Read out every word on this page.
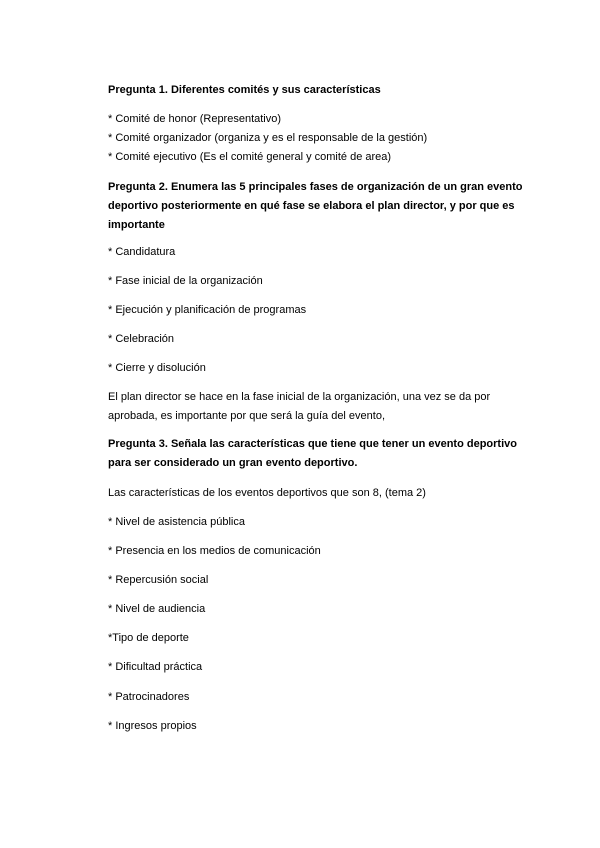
Pregunta 1. Diferentes comités y sus características
* Comité de honor (Representativo)
* Comité organizador (organiza y es el responsable de la gestión)
* Comité ejecutivo (Es el comité general y comité de area)
Pregunta 2. Enumera las 5 principales fases de organización de un gran evento
deportivo posteriormente en qué fase se elabora el plan director, y por que es
importante
* Candidatura
* Fase inicial de la organización
* Ejecución y planificación de programas
* Celebración
* Cierre y disolución
El plan director se hace en la fase inicial de la organización, una vez se da por
aprobada, es importante por que será la guía del evento,
Pregunta 3. Señala las características que tiene que tener un evento deportivo
para ser considerado un gran evento deportivo.
Las características de los eventos deportivos que son 8, (tema 2)
* Nivel de asistencia pública
* Presencia en los medios de comunicación
* Repercusión social
* Nivel de audiencia
*Tipo de deporte
* Dificultad práctica
* Patrocinadores
* Ingresos propios
